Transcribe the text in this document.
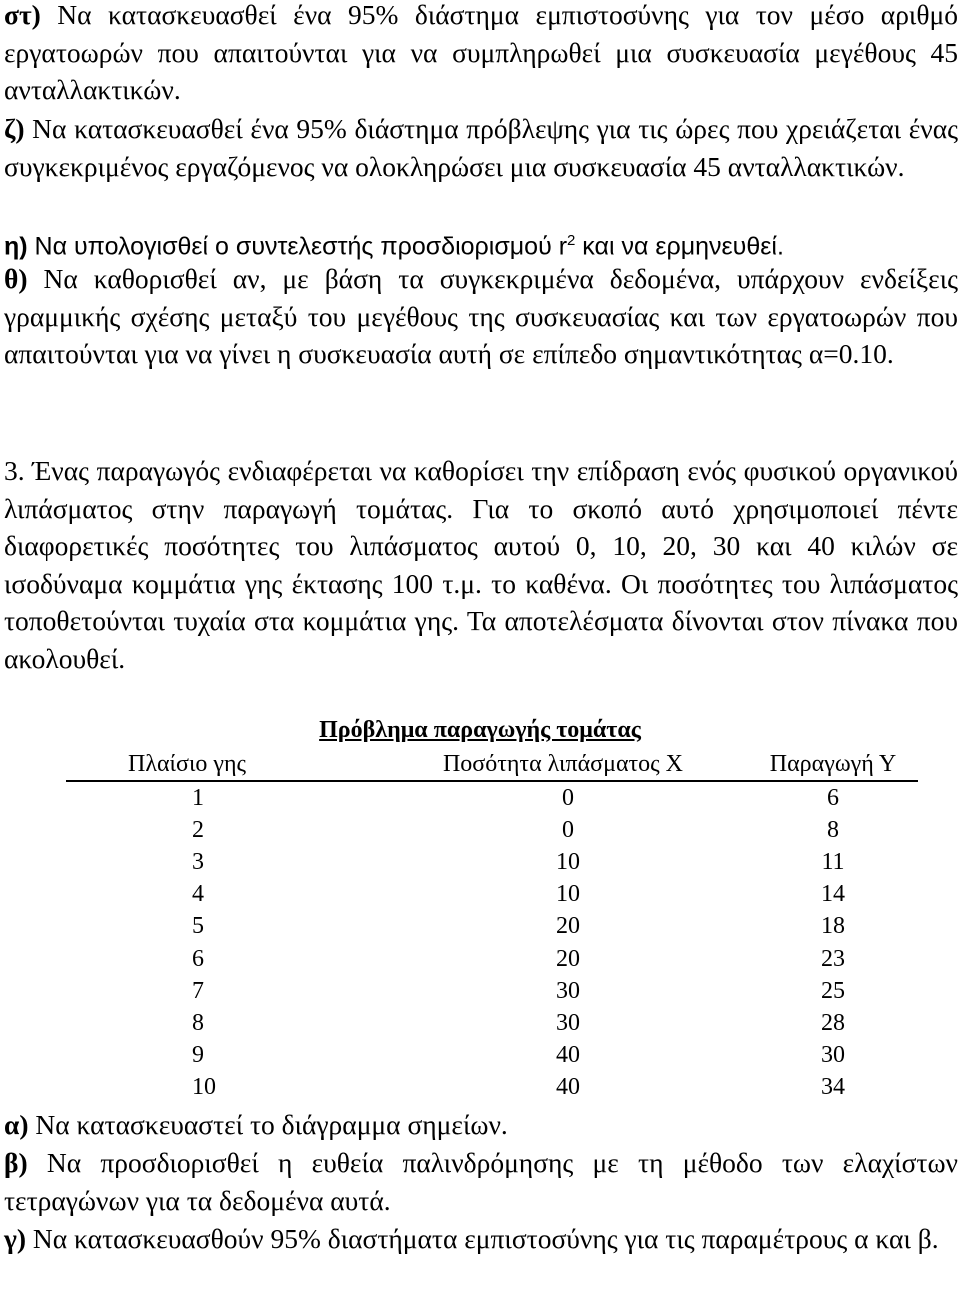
στ) Να κατασκευασθεί ένα 95% διάστημα εμπιστοσύνης για τον μέσο αριθμό εργατοωρών που απαιτούνται για να συμπληρωθεί μια συσκευασία μεγέθους 45 ανταλλακτικών.

ζ) Να κατασκευασθεί ένα 95% διάστημα πρόβλεψης για τις ώρες που χρειάζεται ένας συγκεκριμένος εργαζόμενος να ολοκληρώσει μια συσκευασία 45 ανταλλακτικών.

η) Να υπολογισθεί ο συντελεστής προσδιορισμού $r^2$ και να ερμηνευθεί.

θ) Να καθορισθεί αν, με βάση τα συγκεκριμένα δεδομένα, υπάρχουν ενδείξεις γραμμικής σχέσης μεταξύ του μεγέθους της συσκευασίας και των εργατοωρών που απαιτούνται για να γίνει η συσκευασία αυτή σε επίπεδο σημαντικότητας α=0.10.

3. Ένας παραγωγός ενδιαφέρεται να καθορίσει την επίδραση ενός φυσικού οργανικού λιπάσματος στην παραγωγή τομάτας. Για το σκοπό αυτό χρησιμοποιεί πέντε διαφορετικές ποσότητες του λιπάσματος αυτού 0, 10, 20, 30 και 40 κιλών σε ισοδύναμα κομμάτια γης έκτασης 100 τ.μ. το καθένα. Οι ποσότητες του λιπάσματος τοποθετούνται τυχαία στα κομμάτια γης. Τα αποτελέσματα δίνονται στον πίνακα που ακολουθεί.

Πρόβλημα παραγωγής τομάτας
Πλαίσιο γης	Ποσότητα λιπάσματος Χ	Παραγωγή Υ
1	0	6
2	0	8
3	10	11
4	10	14
5	20	18
6	20	23
7	30	25
8	30	28
9	40	30
10	40	34

α) Να κατασκευαστεί το διάγραμμα σημείων.

β) Να προσδιορισθεί η ευθεία παλινδρόμησης με τη μέθοδο των ελαχίστων τετραγώνων για τα δεδομένα αυτά.

γ) Να κατασκευασθούν 95% διαστήματα εμπιστοσύνης για τις παραμέτρους α και β.
